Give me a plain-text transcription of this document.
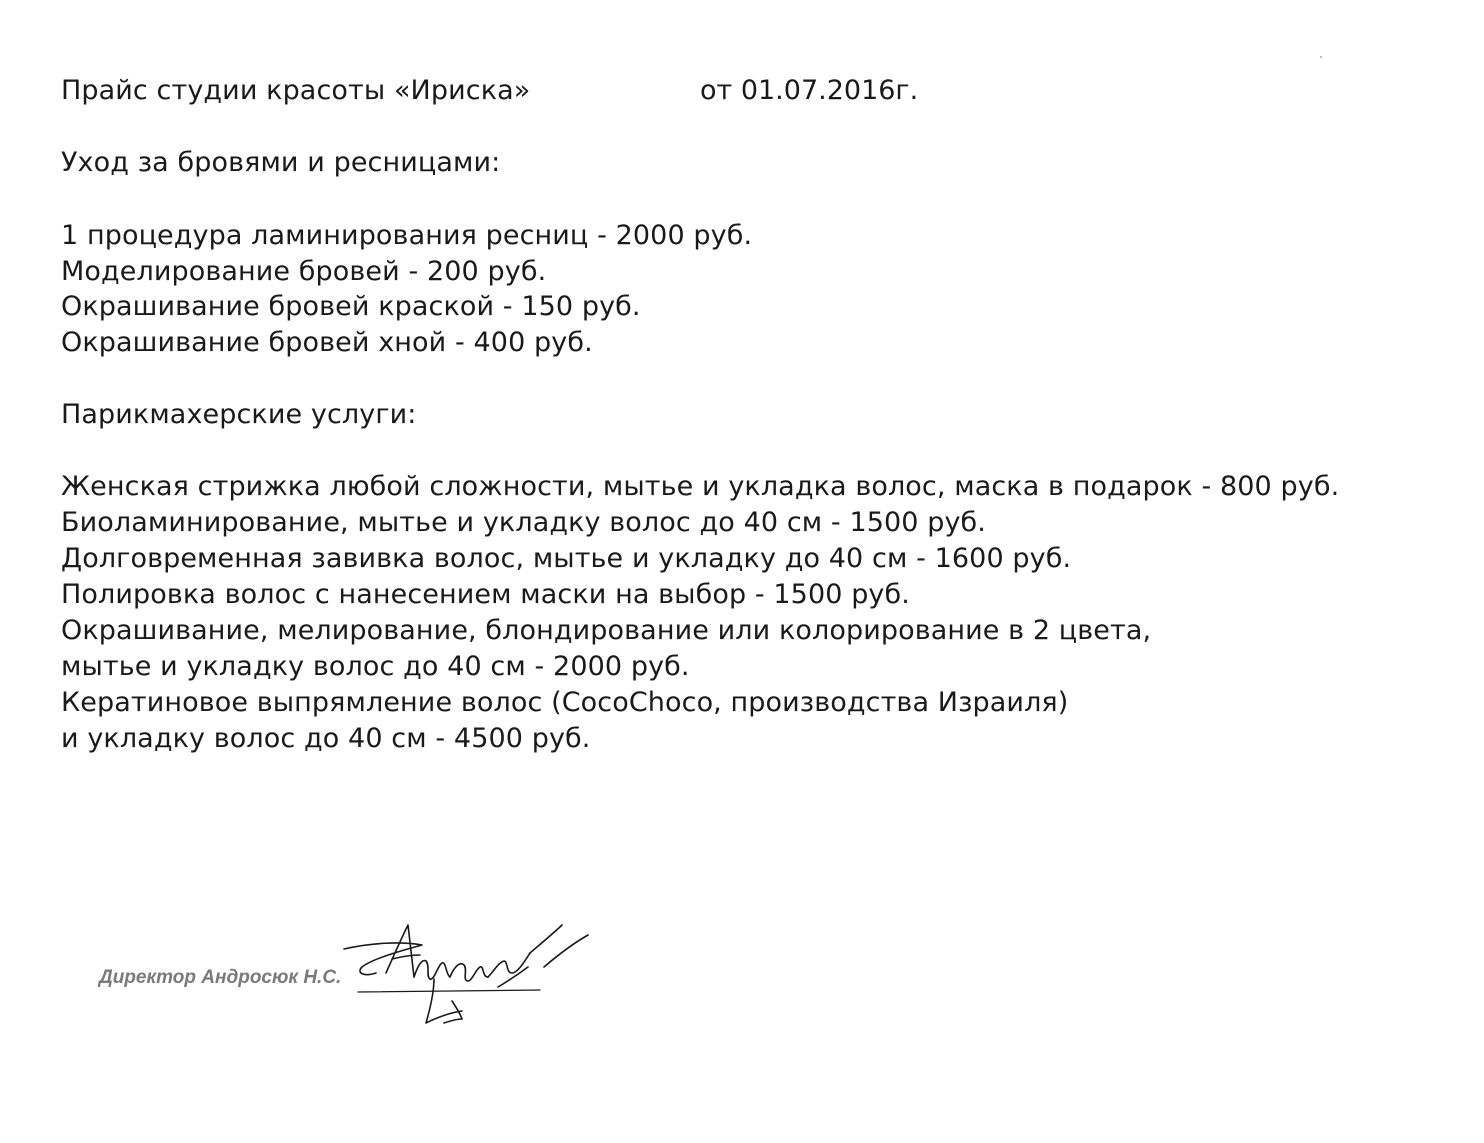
Прайс студии красоты «Ириска»	от 01.07.2016г.
Уход за бровями и ресницами:
1 процедура ламинирования ресниц - 2000 руб.
Моделирование бровей - 200 руб.
Окрашивание бровей краской - 150 руб.
Окрашивание бровей хной - 400 руб.
Парикмахерские услуги:
Женская стрижка любой сложности, мытье и укладка волос, маска в подарок - 800 руб.
Биоламинирование, мытье и укладку волос до 40 см - 1500 руб.
Долговременная завивка волос, мытье и укладку до 40 см - 1600 руб.
Полировка волос с нанесением маски на выбор - 1500 руб.
Окрашивание, мелирование, блондирование или колорирование в 2 цвета,
мытье и укладку волос до 40 см - 2000 руб.
Кератиновое выпрямление волос (CocoChoco, производства Израиля)
и укладку волос до 40 см - 4500 руб.
Директор Андросюк Н.С.
